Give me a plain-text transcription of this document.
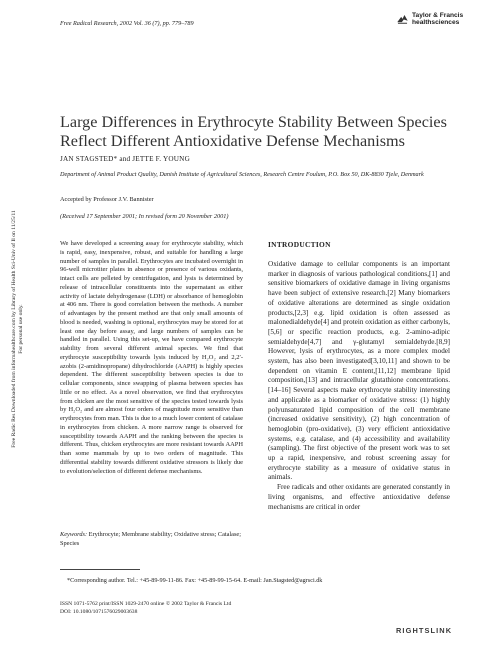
Free Radical Research, 2002 Vol. 36 (7), pp. 779–789
Taylor & Francis
healthsciences
Free Radic Res Downloaded from informahealthcare.com by Library of Health Sci-Univ of Il on 11/25/11 For personal use only.
Large Differences in Erythrocyte Stability Between Species Reflect Different Antioxidative Defense Mechanisms
JAN STAGSTED* and JETTE F. YOUNG
Department of Animal Product Quality, Danish Institute of Agricultural Sciences, Research Centre Foulum, P.O. Box 50, DK-8830 Tjele, Denmark
Accepted by Professor J.V. Bannister
(Received 17 September 2001; In revised form 20 November 2001)
We have developed a screening assay for erythrocyte stability, which is rapid, easy, inexpensive, robust, and suitable for handling a large number of samples in parallel. Erythrocytes are incubated overnight in 96-well microtiter plates in absence or presence of various oxidants, intact cells are pelleted by centrifugation, and lysis is determined by release of intracellular constituents into the supernatant as either activity of lactate dehydrogenase (LDH) or absorbance of hemoglobin at 406 nm. There is good correlation between the methods. A number of advantages by the present method are that only small amounts of blood is needed, washing is optional, erythrocytes may be stored for at least one day before assay, and large numbers of samples can be handled in parallel. Using this set-up, we have compared erythrocyte stability from several different animal species. We find that erythrocyte susceptibility towards lysis induced by H₂O₂ and 2,2′-azobis (2-amidinopropane) dihydrochloride (AAPH) is highly species dependent. The different susceptibility between species is due to cellular components, since swapping of plasma between species has little or no effect. As a novel observation, we find that erythrocytes from chicken are the most sensitive of the species tested towards lysis by H₂O₂ and are almost four orders of magnitude more sensitive than erythrocytes from man. This is due to a much lower content of catalase in erythrocytes from chicken. A more narrow range is observed for susceptibility towards AAPH and the ranking between the species is different. Thus, chicken erythrocytes are more resistant towards AAPH than some mammals by up to two orders of magnitude. This differential stability towards different oxidative stressors is likely due to evolution/selection of different defense mechanisms.
Keywords: Erythrocyte; Membrane stability; Oxidative stress; Catalase; Species
INTRODUCTION

Oxidative damage to cellular components is an important marker in diagnosis of various pathological conditions,[1] and sensitive biomarkers of oxidative damage in living organisms have been subject of extensive research.[2] Many biomarkers of oxidative alterations are determined as single oxidation products,[2,3] e.g. lipid oxidation is often assessed as malonedialdehyde[4] and protein oxidation as either carbonyls,[5,6] or specific reaction products, e.g. 2-amino-adipic semialdehyde[4,7] and γ-glutamyl semialdehyde.[8,9] However, lysis of erythrocytes, as a more complex model system, has also been investigated[3,10,11] and shown to be dependent on vitamin E content,[11,12] membrane lipid composition,[13] and intracellular glutathione concentrations.[14–16] Several aspects make erythrocyte stability interesting and applicable as a biomarker of oxidative stress: (1) highly polyunsaturated lipid composition of the cell membrane (increased oxidative sensitivity), (2) high concentration of hemoglobin (pro-oxidative), (3) very efficient antioxidative systems, e.g. catalase, and (4) accessibility and availability (sampling). The first objective of the present work was to set up a rapid, inexpensive, and robust screening assay for erythrocyte stability as a measure of oxidative status in animals.

Free radicals and other oxidants are generated constantly in living organisms, and effective antioxidative defense mechanisms are critical in order

*Corresponding author. Tel.: +45-89-99-11-86. Fax: +45-89-99-15-64. E-mail: Jan.Stagsted@agrsci.dk
ISSN 1071-5762 print/ISSN 1029-2470 online © 2002 Taylor & Francis Ltd
DOI: 10.1080/1071576029003638
RIGHTSLINK
